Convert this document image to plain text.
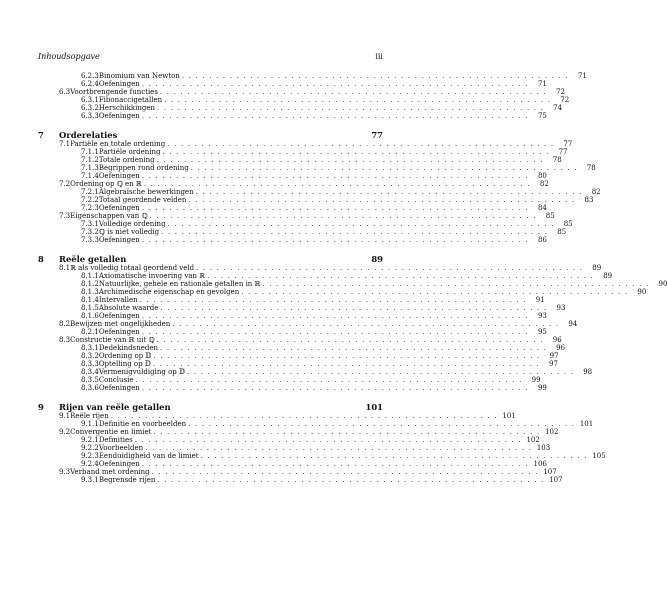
Inhoudsopgave	iii
6.2.3 Binomium van Newton . . . . . . . . . . . . . . . . . . . . . . . . . . . . . . . . . . . . . . . . . . . . . . . . . . . . . . . . .	71
6.2.4 Oefeningen . . . . . . . . . . . . . . . . . . . . . . . . . . . . . . . . . . . . . . . . . . . . . . . . . . . . . . . . .	71
6.3 Voortbrengende functies . . . . . . . . . . . . . . . . . . . . . . . . . . . . . . . . . . . . . . . . . . . . . . . . . . . . . . . . .	72
6.3.1 Fibonaccigetallen . . . . . . . . . . . . . . . . . . . . . . . . . . . . . . . . . . . . . . . . . . . . . . . . . . . . . . . . .	72
6.3.2 Herschikkingen . . . . . . . . . . . . . . . . . . . . . . . . . . . . . . . . . . . . . . . . . . . . . . . . . . . . . . . . .	74
6.3.3 Oefeningen . . . . . . . . . . . . . . . . . . . . . . . . . . . . . . . . . . . . . . . . . . . . . . . . . . . . . . . . .	75
7	Orderelaties	77
7.1 Partiële en totale ordening . . . . . . . . . . . . . . . . . . . . . . . . . . . . . . . . . . . . . . . . . . . . . . . . . . . . . . . . .	77
7.1.1 Partiële ordening . . . . . . . . . . . . . . . . . . . . . . . . . . . . . . . . . . . . . . . . . . . . . . . . . . . . . . . . .	77
7.1.2 Totale ordening . . . . . . . . . . . . . . . . . . . . . . . . . . . . . . . . . . . . . . . . . . . . . . . . . . . . . . . . .	78
7.1.3 Begrippen rond ordening . . . . . . . . . . . . . . . . . . . . . . . . . . . . . . . . . . . . . . . . . . . . . . . . . . . . . . . . .	78
7.1.4 Oefeningen . . . . . . . . . . . . . . . . . . . . . . . . . . . . . . . . . . . . . . . . . . . . . . . . . . . . . . . . .	80
7.2 Ordening op ℚ en ℝ . . . . . . . . . . . . . . . . . . . . . . . . . . . . . . . . . . . . . . . . . . . . . . . . . . . . . . . . .	82
7.2.1 Algebraïsche bewerkingen . . . . . . . . . . . . . . . . . . . . . . . . . . . . . . . . . . . . . . . . . . . . . . . . . . . . . . . . .	82
7.2.2 Totaal geordende velden . . . . . . . . . . . . . . . . . . . . . . . . . . . . . . . . . . . . . . . . . . . . . . . . . . . . . . . . .	83
7.2.3 Oefeningen . . . . . . . . . . . . . . . . . . . . . . . . . . . . . . . . . . . . . . . . . . . . . . . . . . . . . . . . .	84
7.3 Eigenschappen van ℚ . . . . . . . . . . . . . . . . . . . . . . . . . . . . . . . . . . . . . . . . . . . . . . . . . . . . . . . . .	85
7.3.1 Volledige ordening . . . . . . . . . . . . . . . . . . . . . . . . . . . . . . . . . . . . . . . . . . . . . . . . . . . . . . . . .	85
7.3.2 ℚ is niet volledig . . . . . . . . . . . . . . . . . . . . . . . . . . . . . . . . . . . . . . . . . . . . . . . . . . . . . . . . .	85
7.3.3 Oefeningen . . . . . . . . . . . . . . . . . . . . . . . . . . . . . . . . . . . . . . . . . . . . . . . . . . . . . . . . .	86
8	Reële getallen	89
8.1 ℝ als volledig totaal geordend veld . . . . . . . . . . . . . . . . . . . . . . . . . . . . . . . . . . . . . . . . . . . . . . . . . . . . . . . . .	89
8.1.1 Axiomatische invoering van ℝ . . . . . . . . . . . . . . . . . . . . . . . . . . . . . . . . . . . . . . . . . . . . . . . . . . . . . . . . .	89
8.1.2 Natuurlijke, gehele en rationale getallen in ℝ . . . . . . . . . . . . . . . . . . . . . . . . . . . . . . . . . . . . . . . . . . . . . . . . . . . . . . . . .	90
8.1.3 Archimedische eigenschap en gevolgen . . . . . . . . . . . . . . . . . . . . . . . . . . . . . . . . . . . . . . . . . . . . . . . . . . . . . . . . .	90
8.1.4 Intervallen . . . . . . . . . . . . . . . . . . . . . . . . . . . . . . . . . . . . . . . . . . . . . . . . . . . . . . . . .	91
8.1.5 Absolute waarde . . . . . . . . . . . . . . . . . . . . . . . . . . . . . . . . . . . . . . . . . . . . . . . . . . . . . . . . .	93
8.1.6 Oefeningen . . . . . . . . . . . . . . . . . . . . . . . . . . . . . . . . . . . . . . . . . . . . . . . . . . . . . . . . .	93
8.2 Bewijzen met ongelijkheden . . . . . . . . . . . . . . . . . . . . . . . . . . . . . . . . . . . . . . . . . . . . . . . . . . . . . . . . .	94
8.2.1 Oefeningen . . . . . . . . . . . . . . . . . . . . . . . . . . . . . . . . . . . . . . . . . . . . . . . . . . . . . . . . .	95
8.3 Constructie van ℝ uit ℚ . . . . . . . . . . . . . . . . . . . . . . . . . . . . . . . . . . . . . . . . . . . . . . . . . . . . . . . . .	96
8.3.1 Dedekindsneden . . . . . . . . . . . . . . . . . . . . . . . . . . . . . . . . . . . . . . . . . . . . . . . . . . . . . . . . .	96
8.3.2 Ordening op 𝔻 . . . . . . . . . . . . . . . . . . . . . . . . . . . . . . . . . . . . . . . . . . . . . . . . . . . . . . . . .	97
8.3.3 Optelling op 𝔻 . . . . . . . . . . . . . . . . . . . . . . . . . . . . . . . . . . . . . . . . . . . . . . . . . . . . . . . . .	97
8.3.4 Vermenigvuldiging op 𝔻 . . . . . . . . . . . . . . . . . . . . . . . . . . . . . . . . . . . . . . . . . . . . . . . . . . . . . . . . .	98
8.3.5 Conclusie . . . . . . . . . . . . . . . . . . . . . . . . . . . . . . . . . . . . . . . . . . . . . . . . . . . . . . . . .	99
8.3.6 Oefeningen . . . . . . . . . . . . . . . . . . . . . . . . . . . . . . . . . . . . . . . . . . . . . . . . . . . . . . . . .	99
9	Rijen van reële getallen	101
9.1 Reële rijen . . . . . . . . . . . . . . . . . . . . . . . . . . . . . . . . . . . . . . . . . . . . . . . . . . . . . . . . . 101
9.1.1 Definitie en voorbeelden . . . . . . . . . . . . . . . . . . . . . . . . . . . . . . . . . . . . . . . . . . . . . . . . . . . . . . . . . 101
9.2 Convergentie en limiet . . . . . . . . . . . . . . . . . . . . . . . . . . . . . . . . . . . . . . . . . . . . . . . . . . . . . . . . . 102
9.2.1 Definities . . . . . . . . . . . . . . . . . . . . . . . . . . . . . . . . . . . . . . . . . . . . . . . . . . . . . . . . . 102
9.2.2 Voorbeelden . . . . . . . . . . . . . . . . . . . . . . . . . . . . . . . . . . . . . . . . . . . . . . . . . . . . . . . . . 103
9.2.3 Eenduidigheid van de limiet . . . . . . . . . . . . . . . . . . . . . . . . . . . . . . . . . . . . . . . . . . . . . . . . . . . . . . . . . 105
9.2.4 Oefeningen . . . . . . . . . . . . . . . . . . . . . . . . . . . . . . . . . . . . . . . . . . . . . . . . . . . . . . . . . 106
9.3 Verband met ordening . . . . . . . . . . . . . . . . . . . . . . . . . . . . . . . . . . . . . . . . . . . . . . . . . . . . . . . . . 107
9.3.1 Begrensde rijen . . . . . . . . . . . . . . . . . . . . . . . . . . . . . . . . . . . . . . . . . . . . . . . . . . . . . . . . . 107
